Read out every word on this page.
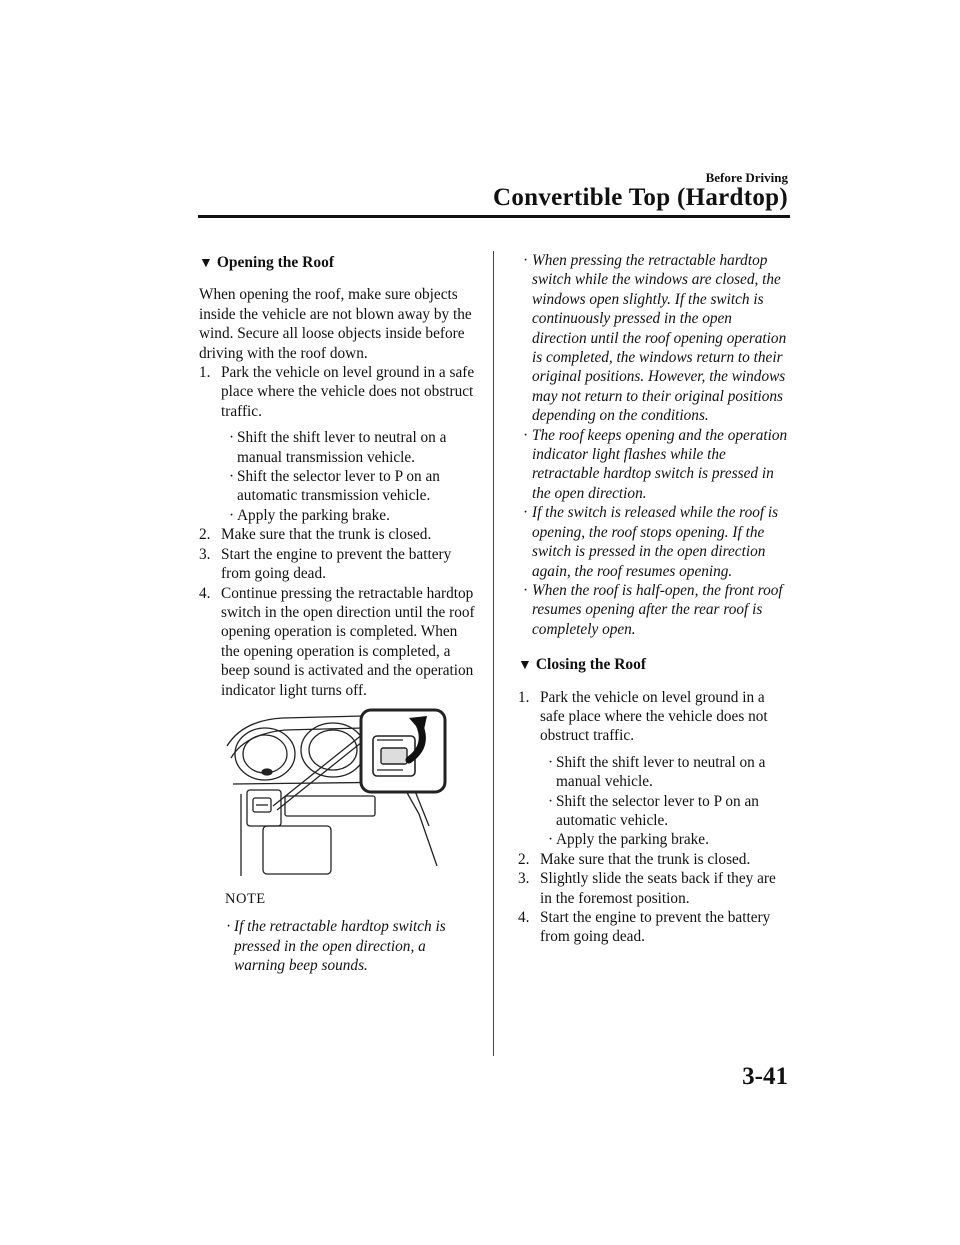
Before Driving
Convertible Top (Hardtop)
▼ Opening the Roof

When opening the roof, make sure objects inside the vehicle are not blown away by the wind. Secure all loose objects inside before driving with the roof down.

1. Park the vehicle on level ground in a safe place where the vehicle does not obstruct traffic.
· Shift the shift lever to neutral on a manual transmission vehicle.
· Shift the selector lever to P on an automatic transmission vehicle.
· Apply the parking brake.
2. Make sure that the trunk is closed.
3. Start the engine to prevent the battery from going dead.
4. Continue pressing the retractable hardtop switch in the open direction until the roof opening operation is completed. When the opening operation is completed, a beep sound is activated and the operation indicator light turns off.
NOTE
· If the retractable hardtop switch is pressed in the open direction, a warning beep sounds.
· When pressing the retractable hardtop switch while the windows are closed, the windows open slightly. If the switch is continuously pressed in the open direction until the roof opening operation is completed, the windows return to their original positions. However, the windows may not return to their original positions depending on the conditions.
· The roof keeps opening and the operation indicator light flashes while the retractable hardtop switch is pressed in the open direction.
· If the switch is released while the roof is opening, the roof stops opening. If the switch is pressed in the open direction again, the roof resumes opening.
· When the roof is half-open, the front roof resumes opening after the rear roof is completely open.
▼ Closing the Roof
1. Park the vehicle on level ground in a safe place where the vehicle does not obstruct traffic.
· Shift the shift lever to neutral on a manual vehicle.
· Shift the selector lever to P on an automatic vehicle.
· Apply the parking brake.
2. Make sure that the trunk is closed.
3. Slightly slide the seats back if they are in the foremost position.
4. Start the engine to prevent the battery from going dead.
3-41
